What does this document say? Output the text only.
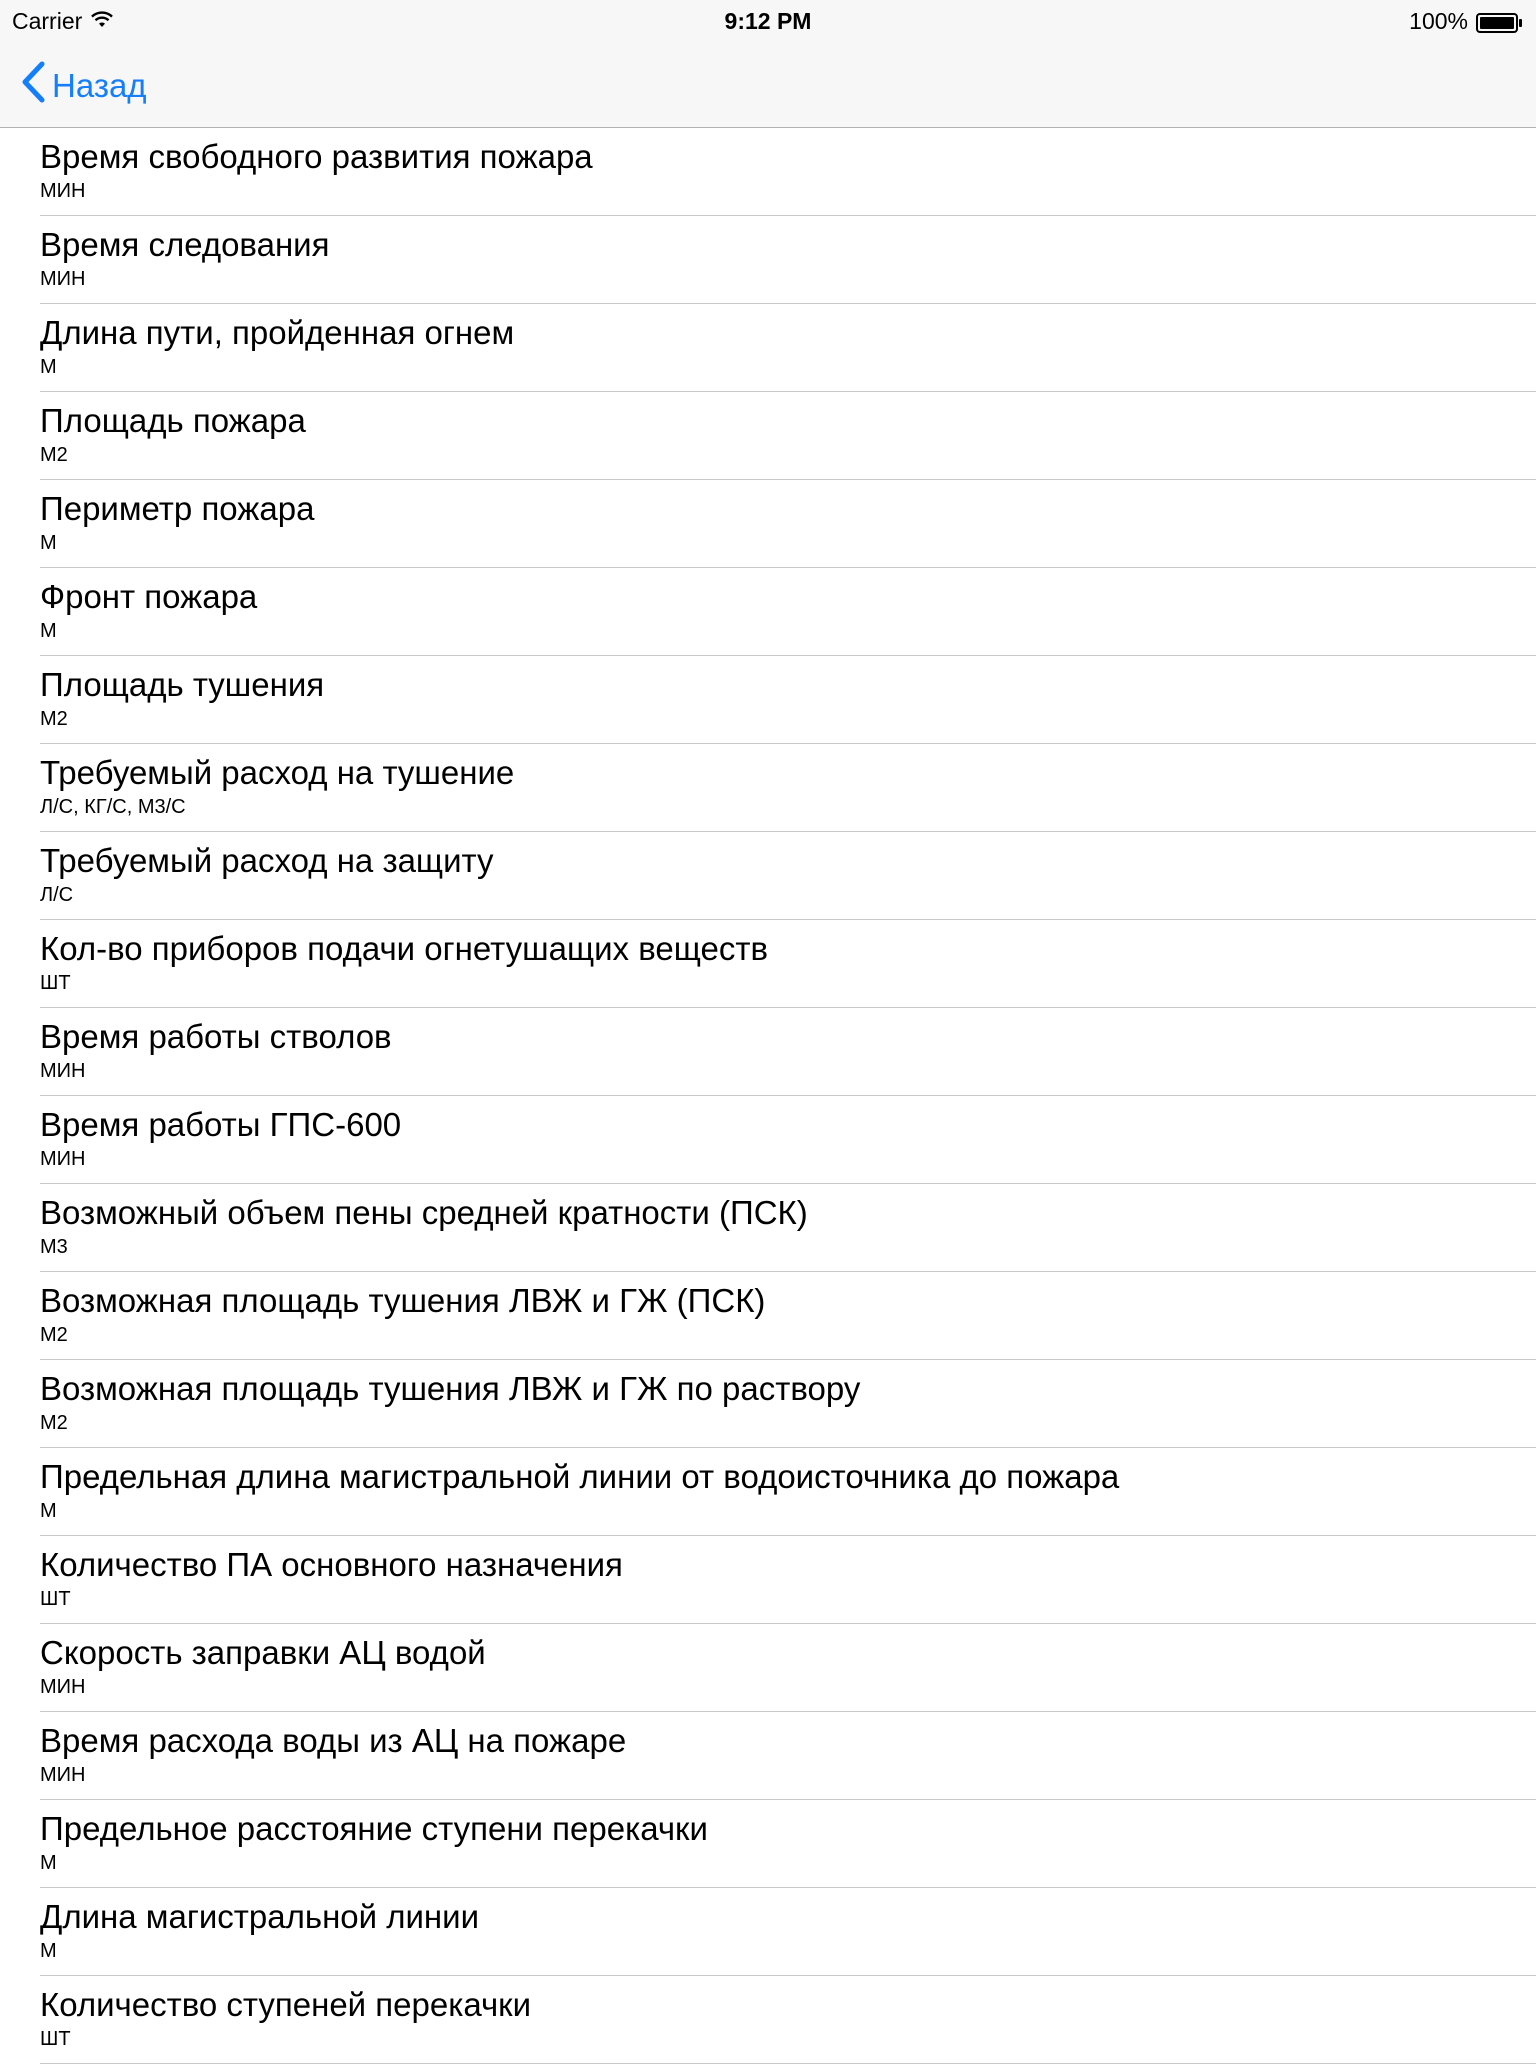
Carrier	9:12 PM	100%
Назад
Время свободного развития пожара
МИН
Время следования
МИН
Длина пути, пройденная огнем
М
Площадь пожара
М2
Периметр пожара
М
Фронт пожара
М
Площадь тушения
М2
Требуемый расход на тушение
Л/С, КГ/С, М3/С
Требуемый расход на защиту
Л/С
Кол-во приборов подачи огнетушащих веществ
ШТ
Время работы стволов
МИН
Время работы ГПС-600
МИН
Возможный объем пены средней кратности (ПСК)
М3
Возможная площадь тушения ЛВЖ и ГЖ (ПСК)
М2
Возможная площадь тушения ЛВЖ и ГЖ по раствору
М2
Предельная длина магистральной линии от водоисточника до пожара
М
Количество ПА основного назначения
ШТ
Скорость заправки АЦ водой
МИН
Время расхода воды из АЦ на пожаре
МИН
Предельное расстояние ступени перекачки
М
Длина магистральной линии
М
Количество ступеней перекачки
ШТ
